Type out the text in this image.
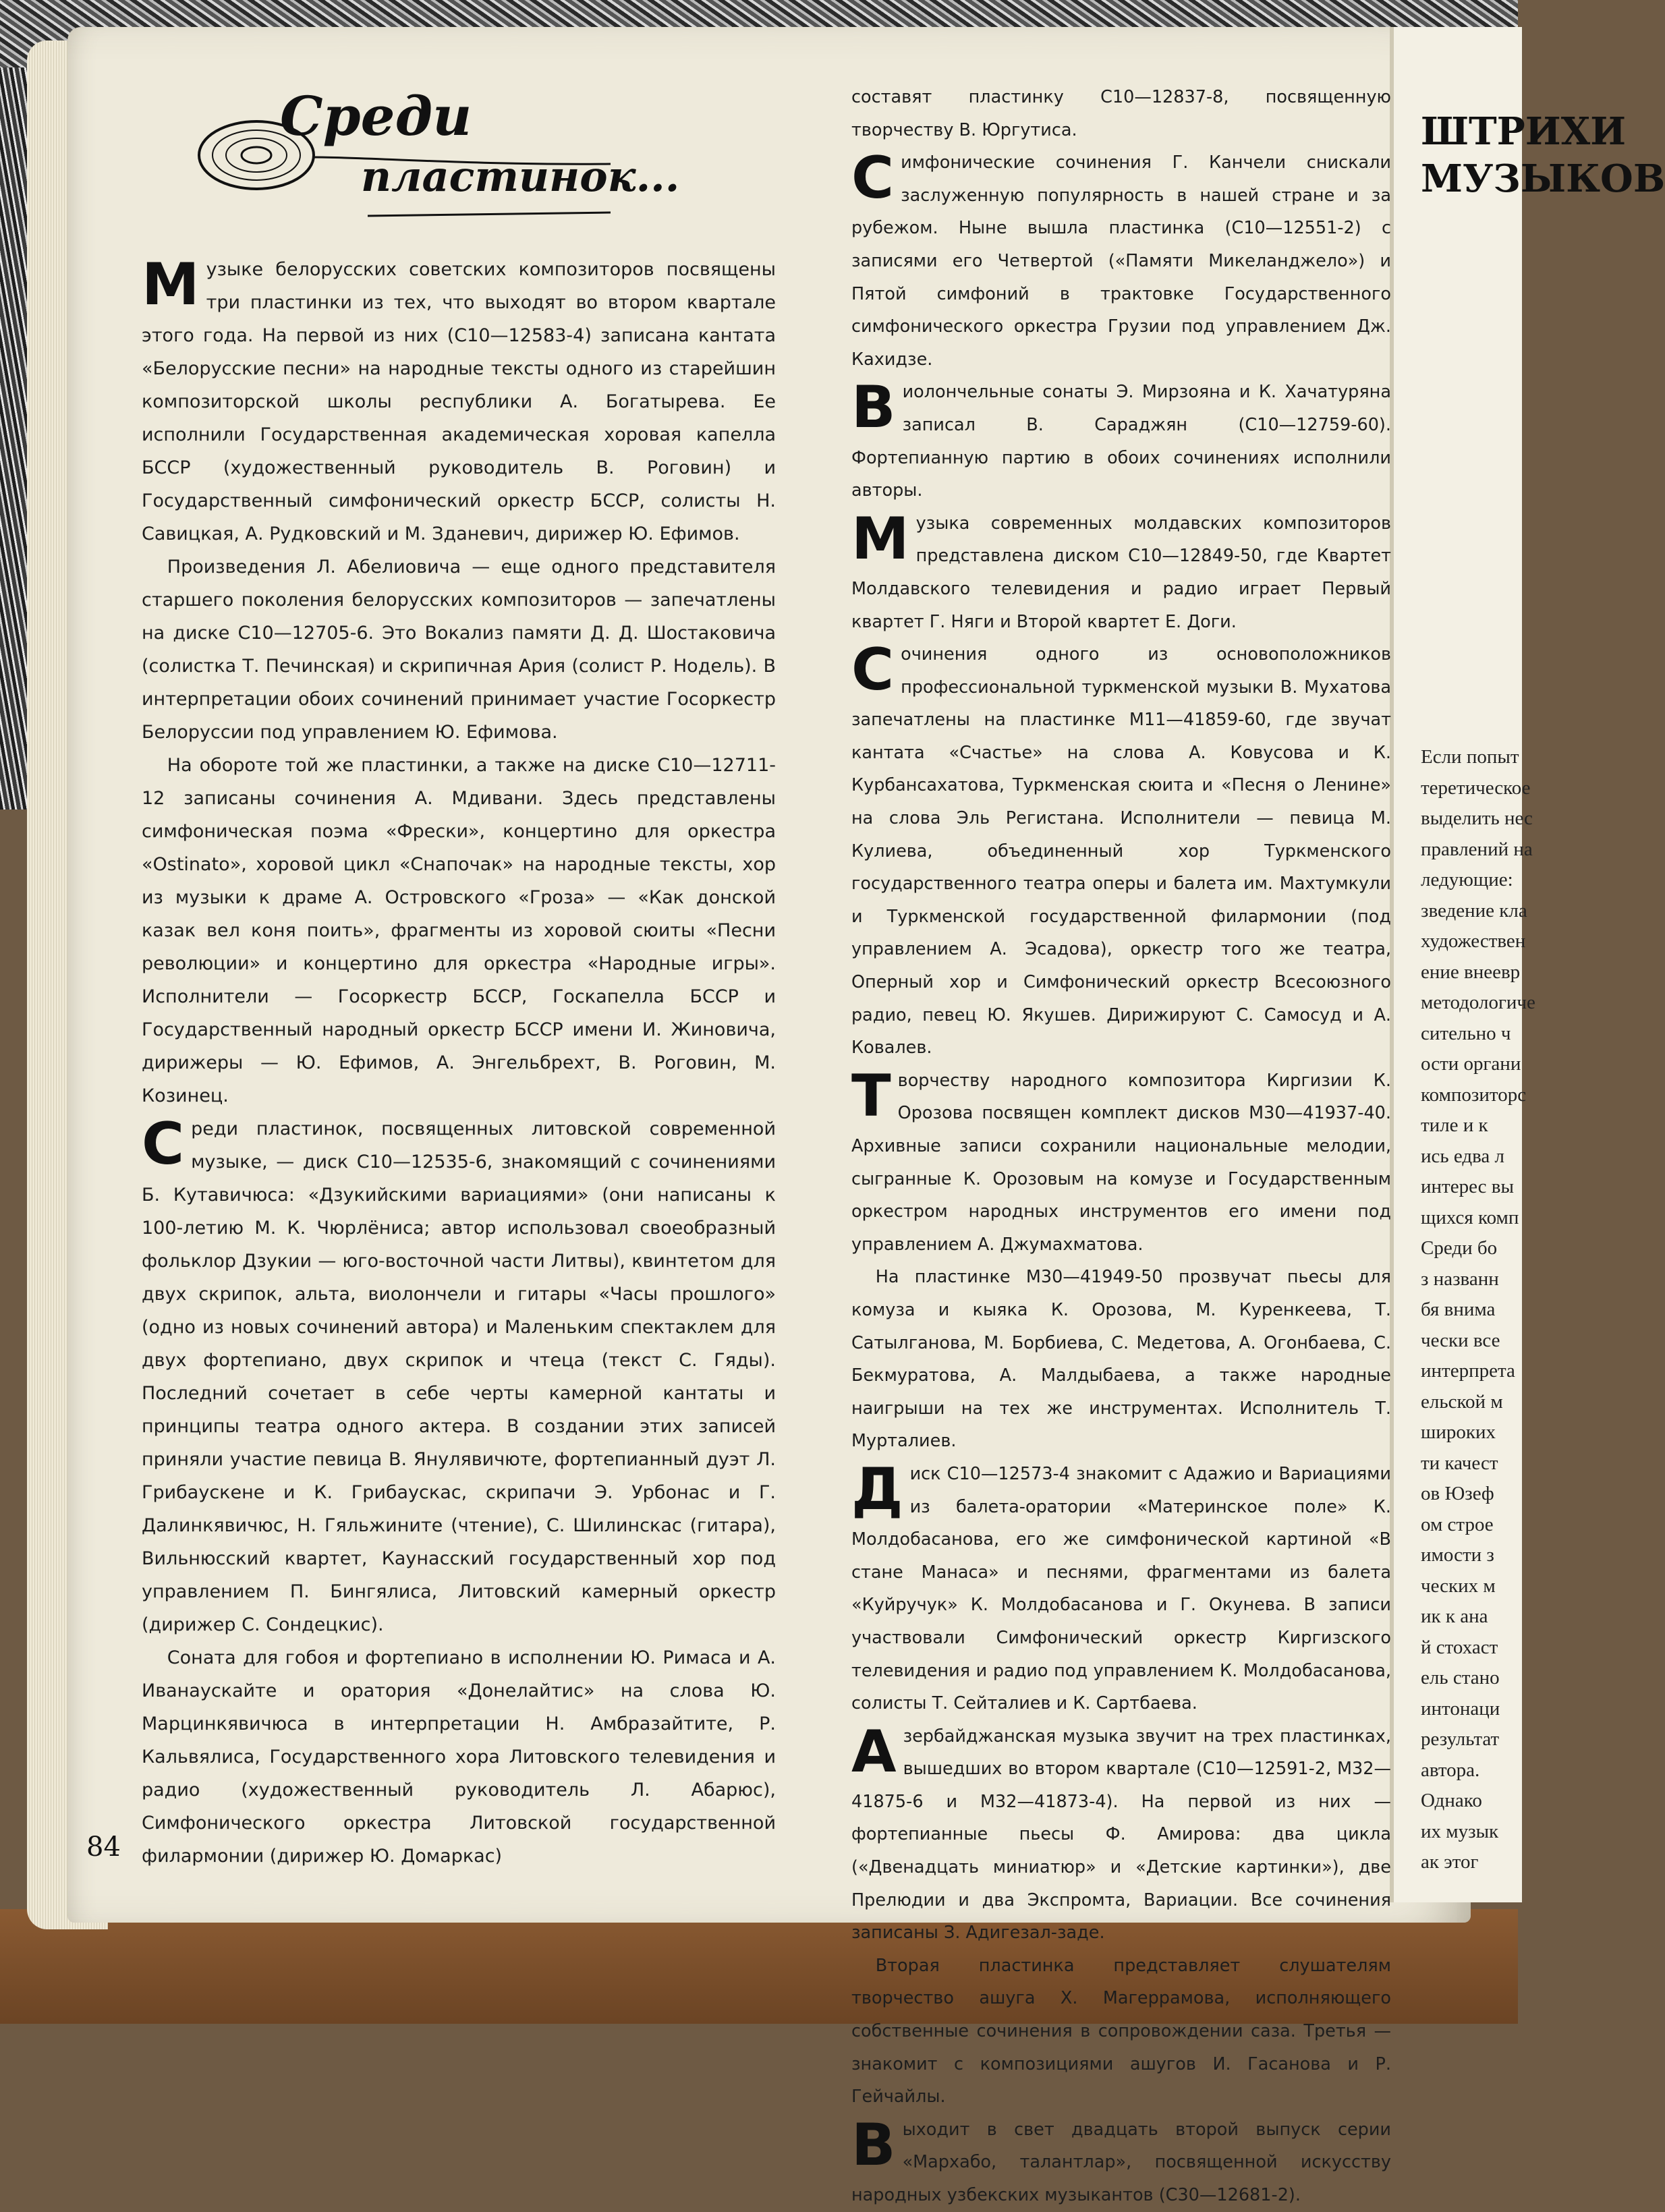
ШТРИХИ
МУЗЫКОВ
Если попыт
теретическое
выделить нес
правлений на
ледующие:
зведение кла
художествен
ение внеевр
методологиче
сительно ч
ости органи
композиторс
тиле и к
ись едва л
интерес вы
щихся комп
Среди бо
з названн
бя внима
чески все
интерпрета
ельской м
широких
ти качест
ов Юзеф
ом строе
имости з
ческих м
ик к ана
й стохаст
ель стано
интонаци
результат
автора.
Однако
их музык
ак этог
Среди
пластинок...

Музыке белорусских советских композиторов посвящены три пластинки из тех, что выходят во втором квартале этого года. На первой из них (С10—12583-4) записана кантата «Белорусские песни» на народные тексты одного из старейшин композиторской школы республики А. Богатырева. Ее исполнили Государственная академическая хоровая капелла БССР (художественный руководитель В. Роговин) и Государственный симфонический оркестр БССР, солисты Н. Савицкая, А. Рудковский и М. Зданевич, дирижер Ю. Ефимов.

Произведения Л. Абелиовича — еще одного представителя старшего поколения белорусских композиторов — запечатлены на диске С10—12705-6. Это Вокализ памяти Д. Д. Шостаковича (солистка Т. Печинская) и скрипичная Ария (солист Р. Нодель). В интерпретации обоих сочинений принимает участие Госоркестр Белоруссии под управлением Ю. Ефимова.

На обороте той же пластинки, а также на диске С10—12711-12 записаны сочинения А. Мдивани. Здесь представлены симфоническая поэма «Фрески», концертино для оркестра «Ostinato», хоровой цикл «Снапочак» на народные тексты, хор из музыки к драме А. Островского «Гроза» — «Как донской казак вел коня поить», фрагменты из хоровой сюиты «Песни революции» и концертино для оркестра «Народные игры». Исполнители — Госоркестр БССР, Госкапелла БССР и Государственный народный оркестр БССР имени И. Жиновича, дирижеры — Ю. Ефимов, А. Энгельбрехт, В. Роговин, М. Козинец.

Среди пластинок, посвященных литовской современной музыке, — диск С10—12535-6, знакомящий с сочинениями Б. Кутавичюса: «Дзукийскими вариациями» (они написаны к 100-летию М. К. Чюрлёниса; автор использовал своеобразный фольклор Дзукии — юго-восточной части Литвы), квинтетом для двух скрипок, альта, виолончели и гитары «Часы прошлого» (одно из новых сочинений автора) и Маленьким спектаклем для двух фортепиано, двух скрипок и чтеца (текст С. Гяды). Последний сочетает в себе черты камерной кантаты и принципы театра одного актера. В создании этих записей приняли участие певица В. Янулявичюте, фортепианный дуэт Л. Грибаускене и К. Грибаускас, скрипачи Э. Урбонас и Г. Далинкявичюс, Н. Гяльжините (чтение), С. Шилинскас (гитара), Вильнюсский квартет, Каунасский государственный хор под управлением П. Бингялиса, Литовский камерный оркестр (дирижер С. Сондецкис).

Соната для гобоя и фортепиано в исполнении Ю. Римаса и А. Иванаускайте и оратория «Донелайтис» на слова Ю. Марцинкявичюса в интерпретации Н. Амбразайтите, Р. Кальвялиса, Государственного хора Литовского телевидения и радио (художественный руководитель Л. Абарюс), Симфонического оркестра Литовской государственной филармонии (дирижер Ю. Домаркас)

составят пластинку С10—12837-8, посвященную творчеству В. Юргутиса.

Симфонические сочинения Г. Канчели снискали заслуженную популярность в нашей стране и за рубежом. Ныне вышла пластинка (С10—12551-2) с записями его Четвертой («Памяти Микеланджело») и Пятой симфоний в трактовке Государственного симфонического оркестра Грузии под управлением Дж. Кахидзе.

Виолончельные сонаты Э. Мирзояна и К. Хачатуряна записал В. Сараджян (С10—12759-60). Фортепианную партию в обоих сочинениях исполнили авторы.

Музыка современных молдавских композиторов представлена диском С10—12849-50, где Квартет Молдавского телевидения и радио играет Первый квартет Г. Няги и Второй квартет Е. Доги.

Сочинения одного из основоположников профессиональной туркменской музыки В. Мухатова запечатлены на пластинке М11—41859-60, где звучат кантата «Счастье» на слова А. Ковусова и К. Курбансахатова, Туркменская сюита и «Песня о Ленине» на слова Эль Регистана. Исполнители — певица М. Кулиева, объединенный хор Туркменского государственного театра оперы и балета им. Махтумкули и Туркменской государственной филармонии (под управлением А. Эсадова), оркестр того же театра, Оперный хор и Симфонический оркестр Всесоюзного радио, певец Ю. Якушев. Дирижируют С. Самосуд и А. Ковалев.

Творчеству народного композитора Киргизии К. Орозова посвящен комплект дисков М30—41937-40. Архивные записи сохранили национальные мелодии, сыгранные К. Орозовым на комузе и Государственным оркестром народных инструментов его имени под управлением А. Джумахматова.

На пластинке М30—41949-50 прозвучат пьесы для комуза и кыяка К. Орозова, М. Куренкеева, Т. Сатылганова, М. Борбиева, С. Медетова, А. Огонбаева, С. Бекмуратова, А. Малдыбаева, а также народные наигрыши на тех же инструментах. Исполнитель Т. Мурталиев.

Диск С10—12573-4 знакомит с Адажио и Вариациями из балета-оратории «Материнское поле» К. Молдобасанова, его же симфонической картиной «В стане Манаса» и песнями, фрагментами из балета «Куйручук» К. Молдобасанова и Г. Окунева. В записи участвовали Симфонический оркестр Киргизского телевидения и радио под управлением К. Молдобасанова, солисты Т. Сейталиев и К. Сартбаева.

Азербайджанская музыка звучит на трех пластинках, вышедших во втором квартале (С10—12591-2, М32—41875-6 и М32—41873-4). На первой из них — фортепианные пьесы Ф. Амирова: два цикла («Двенадцать миниатюр» и «Детские картинки»), две Прелюдии и два Экспромта, Вариации. Все сочинения записаны З. Адигезал-заде.

Вторая пластинка представляет слушателям творчество ашуга Х. Магеррамова, исполняющего собственные сочинения в сопровождении саза. Третья — знакомит с композициями ашугов И. Гасанова и Р. Гейчайлы.

Выходит в свет двадцать второй выпуск серии «Мархабо, талантлар», посвященной искусству народных узбекских музыкантов (С30—12681-2).

84
